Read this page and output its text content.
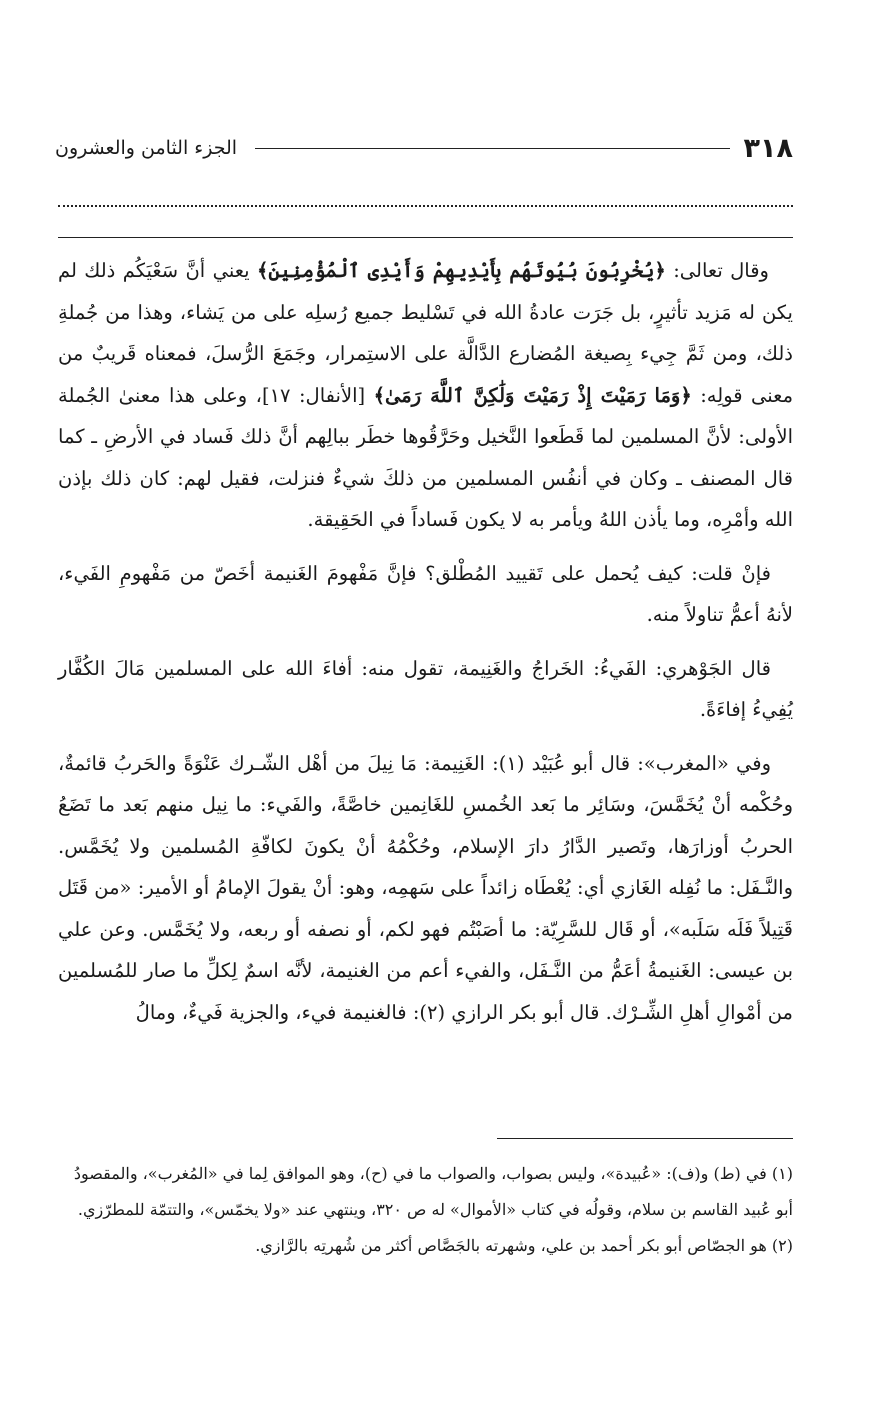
٣١٨
الجزء الثامن والعشرون

وقال تعالى: ﴿يُخْرِبُونَ بُيُوتَهُم بِأَيْدِيهِمْ وَأَيْدِى ٱلْمُؤْمِنِينَ﴾ يعني أنَّ سَعْيَكُم ذلك لم يكن له مَزيد تأثيرٍ، بل جَرَت عادةُ الله في تَسْليط جميع رُسلِه على من يَشاء، وهذا من جُملةِ ذلك، ومن ثَمَّ جِيء بِصيغة المُضارع الدَّالَّة على الاستِمرار، وجَمَعَ الرُّسلَ، فمعناه قَريبٌ من معنى قولِه: ﴿وَمَا رَمَيْتَ إِذْ رَمَيْتَ وَلَٰكِنَّ ٱللَّهَ رَمَىٰ﴾ [الأنفال: ١٧]، وعلى هذا معنىٰ الجُملة الأولى: لأنَّ المسلمين لما قَطَعوا النَّخيل وحَرَّقُوها خطَر ببالِهم أنَّ ذلك فَساد في الأرضِ ـ كما قال المصنف ـ وكان في أنفُس المسلمين من ذلكَ شيءٌ فنزلت، فقيل لهم: كان ذلك بإذن الله وأمْرِه، وما يأذن اللهُ ويأمر به لا يكون فَساداً في الحَقِيقة.

فإنْ قلت: كيف يُحمل على تَقييد المُطْلق؟ فإنَّ مَفْهومَ الغَنيمة أخَصّ من مَفْهومِ الفَيء، لأنهُ أعمُّ تناولاً منه.

قال الجَوْهري: الفَيءُ: الخَراجُ والغَنِيمة، تقول منه: أفاءَ الله على المسلمين مَالَ الكُفَّار يُفِيءُ إفاءَةً.

وفي «المغرب»: قال أبو عُبَيْد (١): الغَنِيمة: مَا نِيلَ من أهْل الشّـرك عَنْوَةً والحَربُ قائمةٌ، وحُكْمه أنْ يُخَمَّسَ، وسَائِر ما بَعد الخُمسِ للغَانِمين خاصَّةً، والفَيء: ما نِيل منهم بَعد ما تَضَعُ الحربُ أوزارَها، وتَصير الدَّارُ دارَ الإسلام، وحُكْمُهُ أنْ يكونَ لكافّةِ المُسلمين ولا يُخَمَّس. والنَّـفَل: ما نُفِله الغَازي أي: يُعْطَاه زائداً على سَهمِه، وهو: أنْ يقولَ الإمامُ أو الأمير: «من قَتَل قَتِيلاً فَلَه سَلَبه»، أو قَال للسَّرِيّة: ما أصَبْتُم فهو لكم، أو نصفه أو ربعه، ولا يُخَمَّس. وعن علي بن عيسى: الغَنيمةُ أعَمُّ من النَّـفَل، والفيء أعم من الغنيمة، لأنَّه اسمٌ لِكلِّ ما صار للمُسلمين من أمْوالِ أهلِ الشِّـرْك. قال أبو بكر الرازي (٢): فالغنيمة فيء، والجزية فَيءٌ، ومالُ

(١) في (ط) و(ف): «عُبيدة»، وليس بصواب، والصواب ما في (ح)، وهو الموافق لِما في «المُغرب»، والمقصودُ

أبو عُبيد القاسم بن سلام، وقولُه في كتاب «الأموال» له ص ٣٢٠، وينتهي عند «ولا يخمّس»، والتتمّة للمطرّزي.

(٢) هو الجصّاص أبو بكر أحمد بن علي، وشهرته بالجَصَّاص أكثر من شُهرتِه بالرَّازي.
